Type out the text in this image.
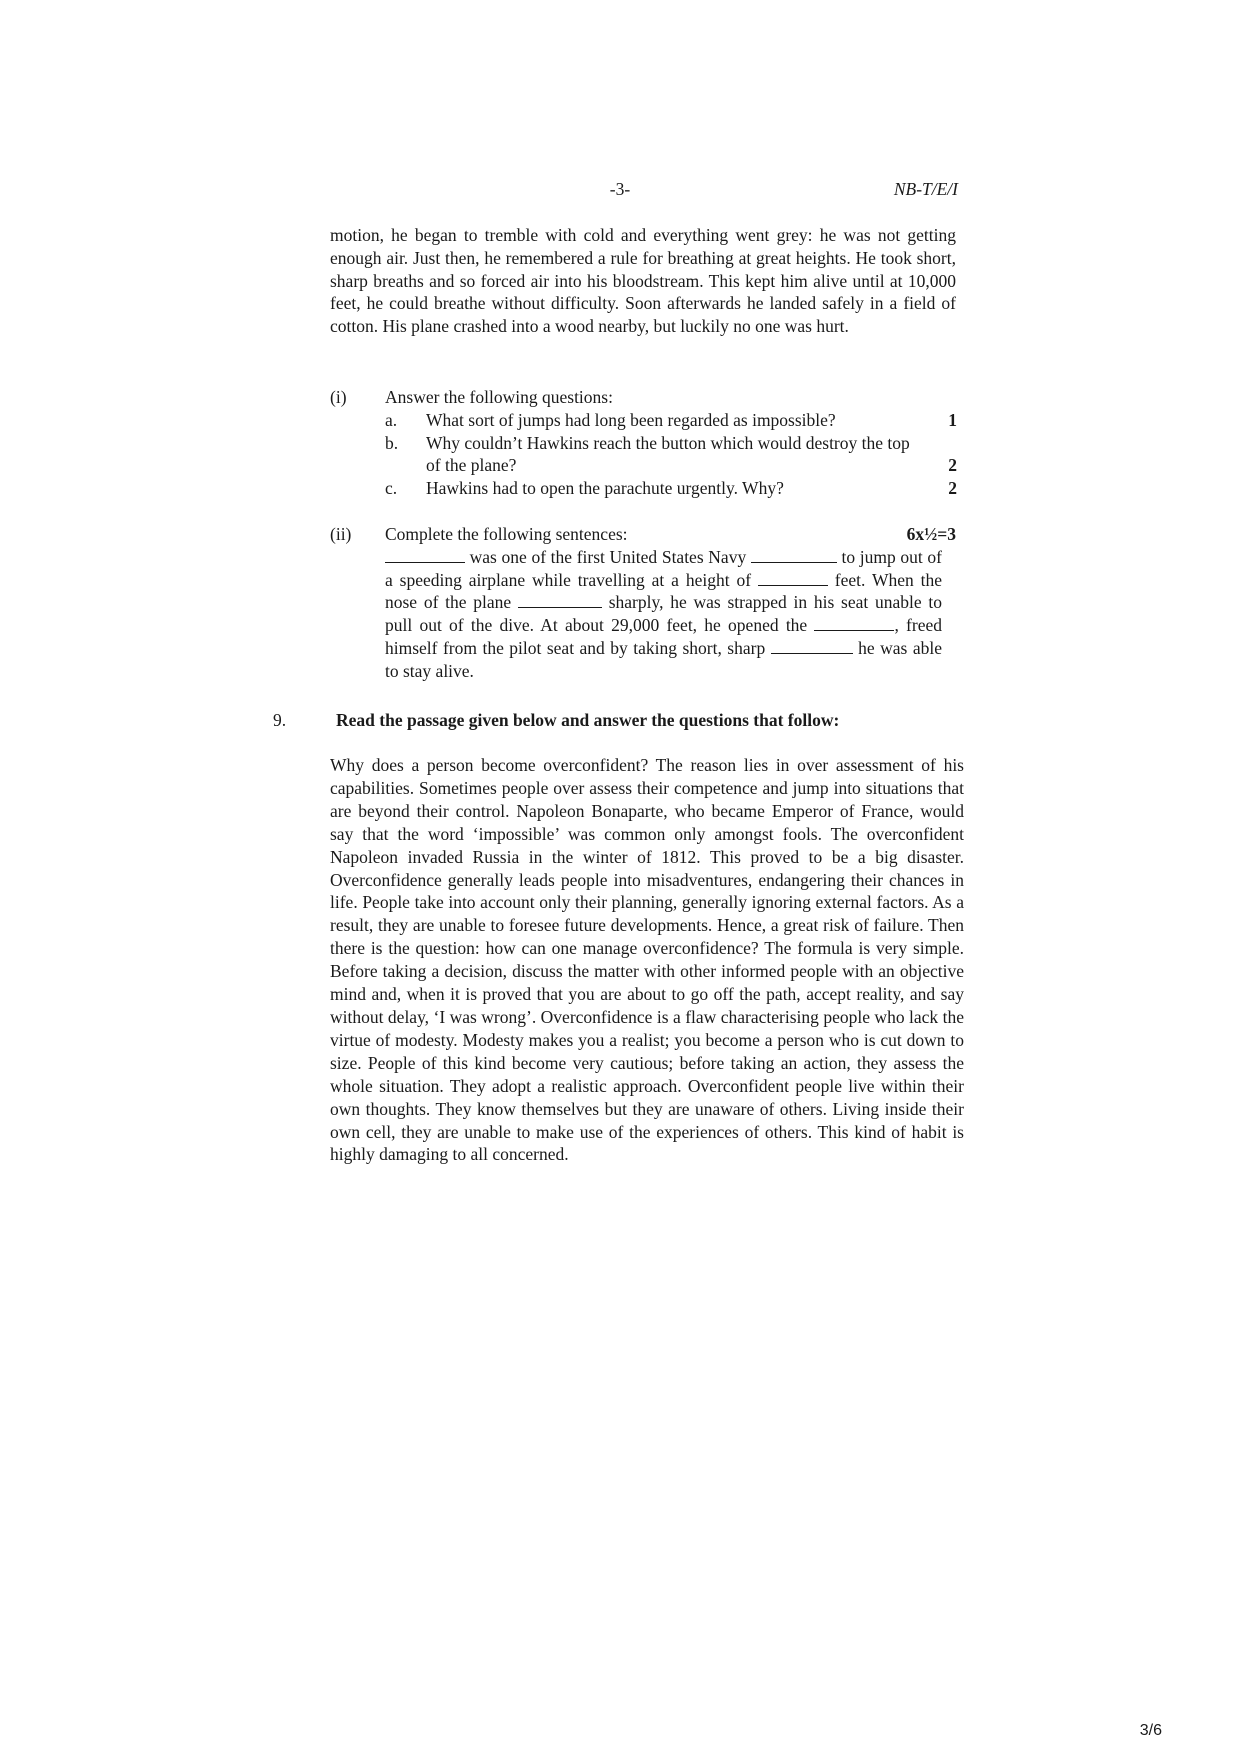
-3-	NB-T/E/I

motion, he began to tremble with cold and everything went grey: he was not getting enough air. Just then, he remembered a rule for breathing at great heights. He took short, sharp breaths and so forced air into his bloodstream. This kept him alive until at 10,000 feet, he could breathe without difficulty. Soon afterwards he landed safely in a field of cotton. His plane crashed into a wood nearby, but luckily no one was hurt.

(i) Answer the following questions:
a.	What sort of jumps had long been regarded as impossible?	1
b.	Why couldn’t Hawkins reach the button which would destroy the top of the plane?	2
c.	Hawkins had to open the parachute urgently. Why?	2
(ii) Complete the following sentences:	6x½=3

was one of the first United States Navy	to jump out of a speeding airplane while travelling at a height of	feet. When the nose of the plane	sharply, he was strapped in his seat unable to pull out of the dive. At about 29,000 feet, he opened the	, freed himself from the pilot seat and by taking short, sharp	he was able to stay alive.

9.	Read the passage given below and answer the questions that follow:

Why does a person become overconfident? The reason lies in over assessment of his capabilities. Sometimes people over assess their competence and jump into situations that are beyond their control. Napoleon Bonaparte, who became Emperor of France, would say that the word ‘impossible’ was common only amongst fools. The overconfident Napoleon invaded Russia in the winter of 1812. This proved to be a big disaster. Overconfidence generally leads people into misadventures, endangering their chances in life. People take into account only their planning, generally ignoring external factors. As a result, they are unable to foresee future developments. Hence, a great risk of failure. Then there is the question: how can one manage overconfidence? The formula is very simple. Before taking a decision, discuss the matter with other informed people with an objective mind and, when it is proved that you are about to go off the path, accept reality, and say without delay, ‘I was wrong’. Overconfidence is a flaw characterising people who lack the virtue of modesty. Modesty makes you a realist; you become a person who is cut down to size. People of this kind become very cautious; before taking an action, they assess the whole situation. They adopt a realistic approach. Overconfident people live within their own thoughts. They know themselves but they are unaware of others. Living inside their own cell, they are unable to make use of the experiences of others. This kind of habit is highly damaging to all concerned.

3/6
